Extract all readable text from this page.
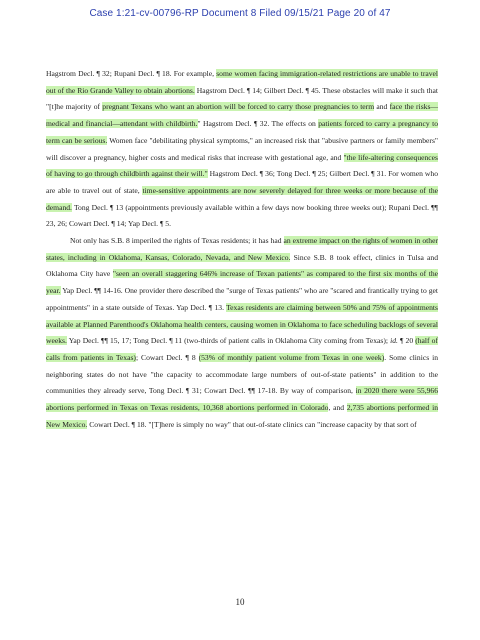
Case 1:21-cv-00796-RP Document 8 Filed 09/15/21 Page 20 of 47

Hagstrom Decl. ¶ 32; Rupani Decl. ¶ 18. For example, some women facing immigration-related restrictions are unable to travel out of the Rio Grande Valley to obtain abortions. Hagstrom Decl. ¶ 14; Gilbert Decl. ¶ 45. These obstacles will make it such that "[t]he majority of pregnant Texans who want an abortion will be forced to carry those pregnancies to term and face the risks—medical and financial—attendant with childbirth." Hagstrom Decl. ¶ 32. The effects on patients forced to carry a pregnancy to term can be serious. Women face "debilitating physical symptoms," an increased risk that "abusive partners or family members" will discover a pregnancy, higher costs and medical risks that increase with gestational age, and "the life-altering consequences of having to go through childbirth against their will." Hagstrom Decl. ¶ 36; Tong Decl. ¶ 25; Gilbert Decl. ¶ 31. For women who are able to travel out of state, time-sensitive appointments are now severely delayed for three weeks or more because of the demand. Tong Decl. ¶ 13 (appointments previously available within a few days now booking three weeks out); Rupani Decl. ¶¶ 23, 26; Cowart Decl. ¶ 14; Yap Decl. ¶ 5.

Not only has S.B. 8 imperiled the rights of Texas residents; it has had an extreme impact on the rights of women in other states, including in Oklahoma, Kansas, Colorado, Nevada, and New Mexico. Since S.B. 8 took effect, clinics in Tulsa and Oklahoma City have "seen an overall staggering 646% increase of Texan patients" as compared to the first six months of the year. Yap Decl. ¶¶ 14-16. One provider there described the "surge of Texas patients" who are "scared and frantically trying to get appointments" in a state outside of Texas. Yap Decl. ¶ 13. Texas residents are claiming between 50% and 75% of appointments available at Planned Parenthood's Oklahoma health centers, causing women in Oklahoma to face scheduling backlogs of several weeks. Yap Decl. ¶¶ 15, 17; Tong Decl. ¶ 11 (two-thirds of patient calls in Oklahoma City coming from Texas); id. ¶ 20 (half of calls from patients in Texas); Cowart Decl. ¶ 8 (53% of monthly patient volume from Texas in one week). Some clinics in neighboring states do not have "the capacity to accommodate large numbers of out-of-state patients" in addition to the communities they already serve, Tong Decl. ¶ 31; Cowart Decl. ¶¶ 17-18. By way of comparison, in 2020 there were 55,966 abortions performed in Texas on Texas residents, 10,368 abortions performed in Colorado, and 2,735 abortions performed in New Mexico. Cowart Decl. ¶ 18. "[T]here is simply no way" that out-of-state clinics can "increase capacity by that sort of

10
